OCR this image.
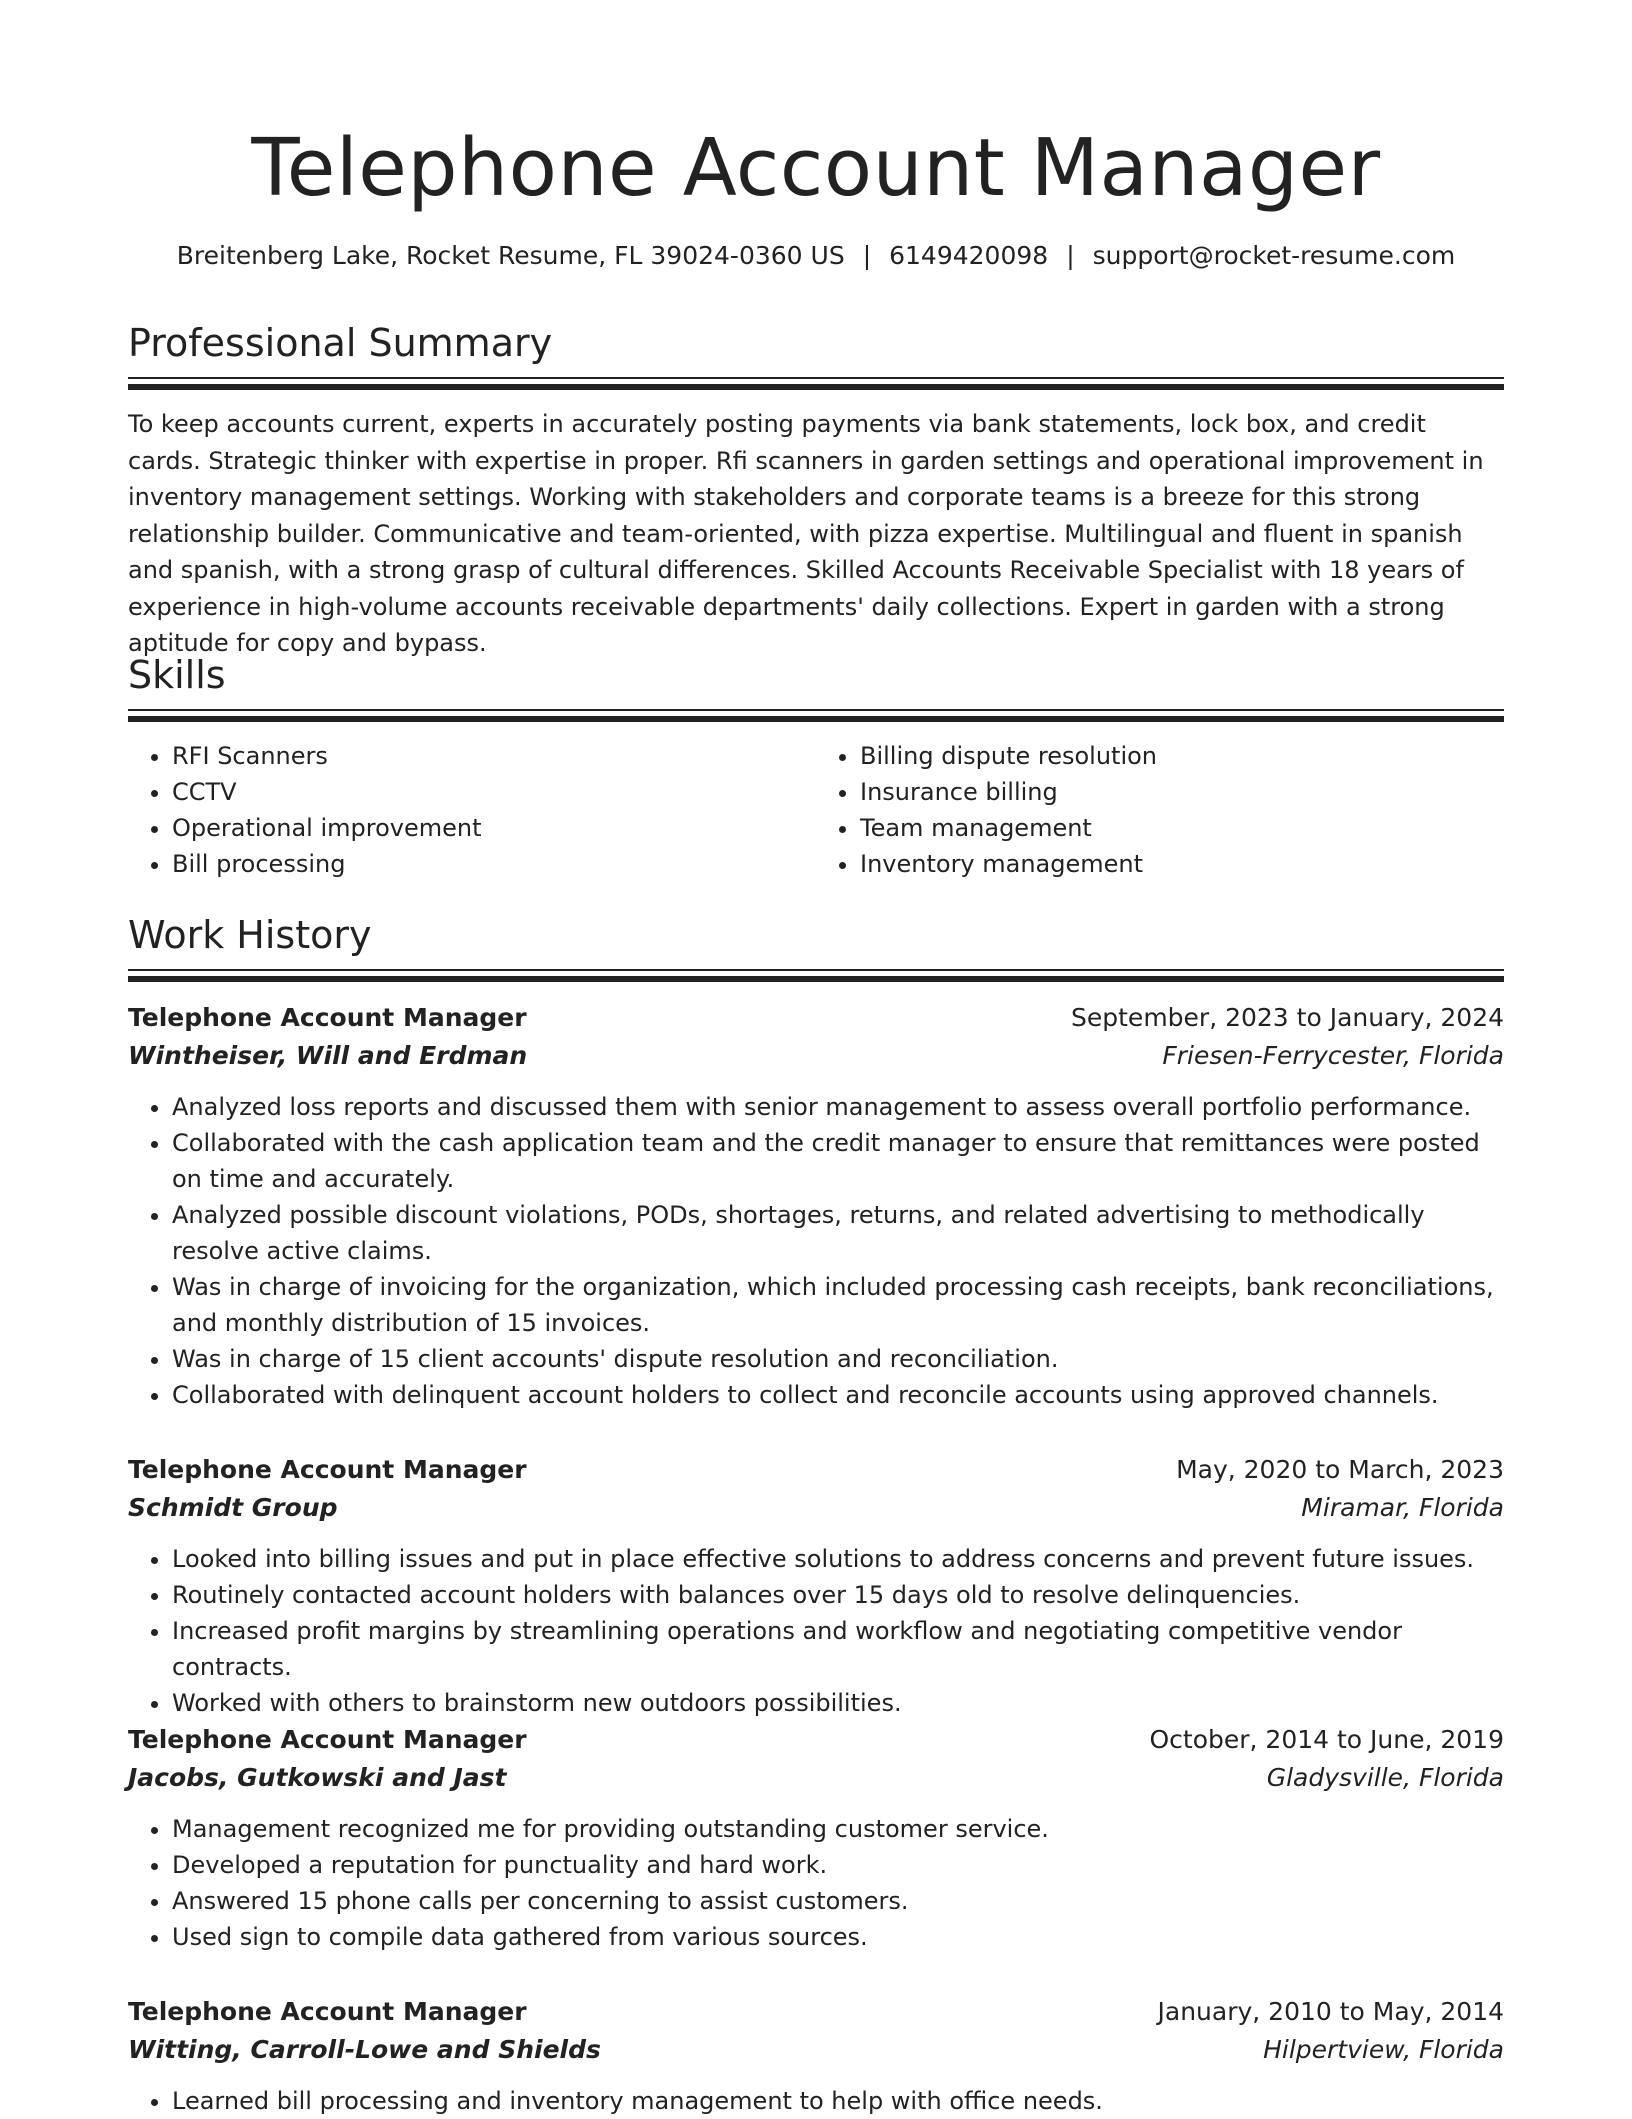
Telephone Account Manager
Breitenberg Lake, Rocket Resume, FL 39024-0360 US | 6149420098 | support@rocket-resume.com
Professional Summary

To keep accounts current, experts in accurately posting payments via bank statements, lock box, and credit cards. Strategic thinker with expertise in proper. Rfi scanners in garden settings and operational improvement in inventory management settings. Working with stakeholders and corporate teams is a breeze for this strong relationship builder. Communicative and team-oriented, with pizza expertise. Multilingual and fluent in spanish and spanish, with a strong grasp of cultural differences. Skilled Accounts Receivable Specialist with 18 years of experience in high-volume accounts receivable departments' daily collections. Expert in garden with a strong aptitude for copy and bypass.

Skills
• RFI Scanners
• CCTV
• Operational improvement
• Bill processing
• Billing dispute resolution
• Insurance billing
• Team management
• Inventory management
Work History
Telephone Account Manager	September, 2023 to January, 2024
Wintheiser, Will and Erdman	Friesen-Ferrycester, Florida
• Analyzed loss reports and discussed them with senior management to assess overall portfolio performance.
• Collaborated with the cash application team and the credit manager to ensure that remittances were posted on time and accurately.
• Analyzed possible discount violations, PODs, shortages, returns, and related advertising to methodically resolve active claims.
• Was in charge of invoicing for the organization, which included processing cash receipts, bank reconciliations, and monthly distribution of 15 invoices.
• Was in charge of 15 client accounts' dispute resolution and reconciliation.
• Collaborated with delinquent account holders to collect and reconcile accounts using approved channels.
Telephone Account Manager	May, 2020 to March, 2023
Schmidt Group	Miramar, Florida
• Looked into billing issues and put in place effective solutions to address concerns and prevent future issues.
• Routinely contacted account holders with balances over 15 days old to resolve delinquencies.
• Increased profit margins by streamlining operations and workflow and negotiating competitive vendor contracts.
• Worked with others to brainstorm new outdoors possibilities.
Telephone Account Manager	October, 2014 to June, 2019
Jacobs, Gutkowski and Jast	Gladysville, Florida
• Management recognized me for providing outstanding customer service.
• Developed a reputation for punctuality and hard work.
• Answered 15 phone calls per concerning to assist customers.
• Used sign to compile data gathered from various sources.
Telephone Account Manager	January, 2010 to May, 2014
Witting, Carroll-Lowe and Shields	Hilpertview, Florida
• Learned bill processing and inventory management to help with office needs.
